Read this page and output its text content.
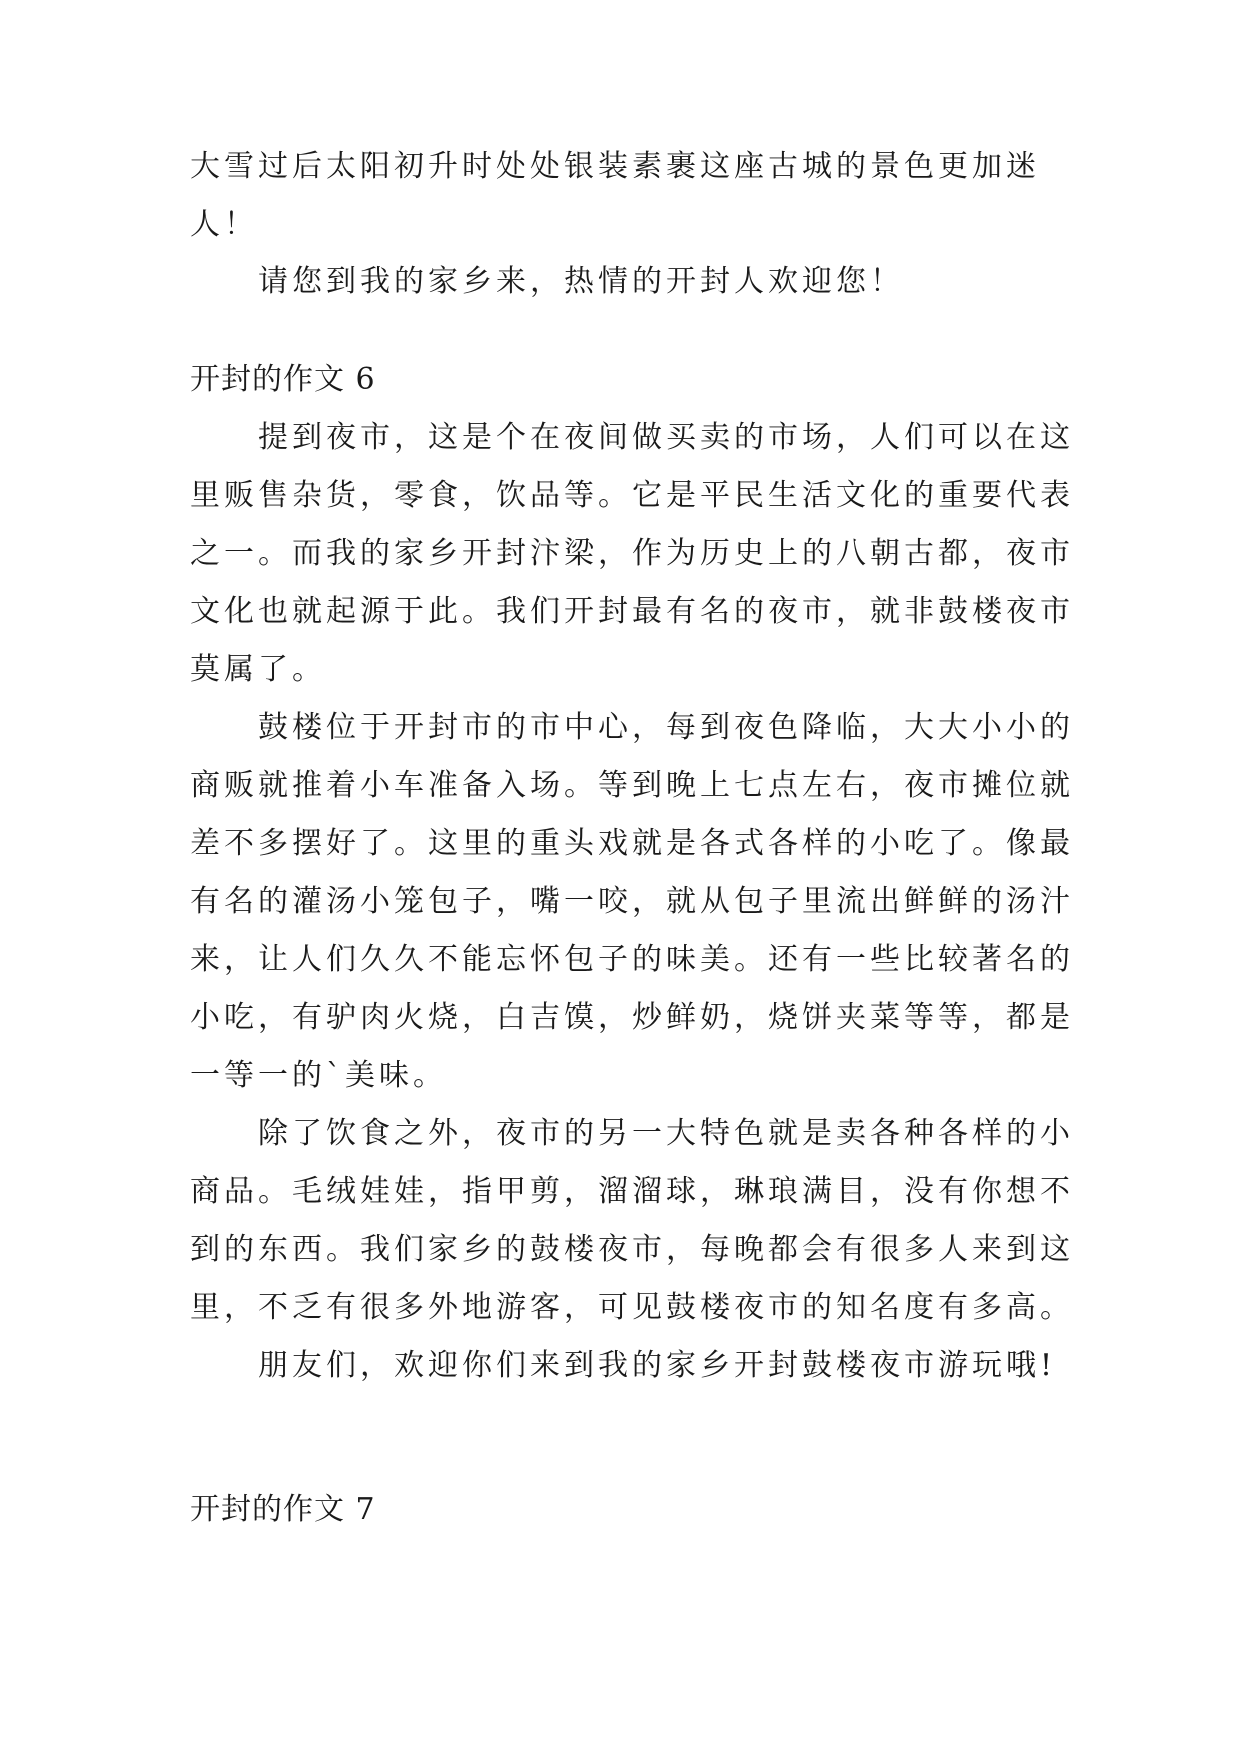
大雪过后太阳初升时处处银装素裹这座古城的景色更加迷
人！
请您到我的家乡来，热情的开封人欢迎您！
开封的作文 6
提到夜市，这是个在夜间做买卖的市场，人们可以在这
里贩售杂货，零食，饮品等。它是平民生活文化的重要代表
之一。而我的家乡开封汴梁，作为历史上的八朝古都，夜市
文化也就起源于此。我们开封最有名的夜市，就非鼓楼夜市
莫属了。
鼓楼位于开封市的市中心，每到夜色降临，大大小小的
商贩就推着小车准备入场。等到晚上七点左右，夜市摊位就
差不多摆好了。这里的重头戏就是各式各样的小吃了。像最
有名的灌汤小笼包子，嘴一咬，就从包子里流出鲜鲜的汤汁
来，让人们久久不能忘怀包子的味美。还有一些比较著名的
小吃，有驴肉火烧，白吉馍，炒鲜奶，烧饼夹菜等等，都是
一等一的`美味。
除了饮食之外，夜市的另一大特色就是卖各种各样的小
商品。毛绒娃娃，指甲剪，溜溜球，琳琅满目，没有你想不
到的东西。我们家乡的鼓楼夜市，每晚都会有很多人来到这
里，不乏有很多外地游客，可见鼓楼夜市的知名度有多高。
朋友们，欢迎你们来到我的家乡开封鼓楼夜市游玩哦!
开封的作文 7
